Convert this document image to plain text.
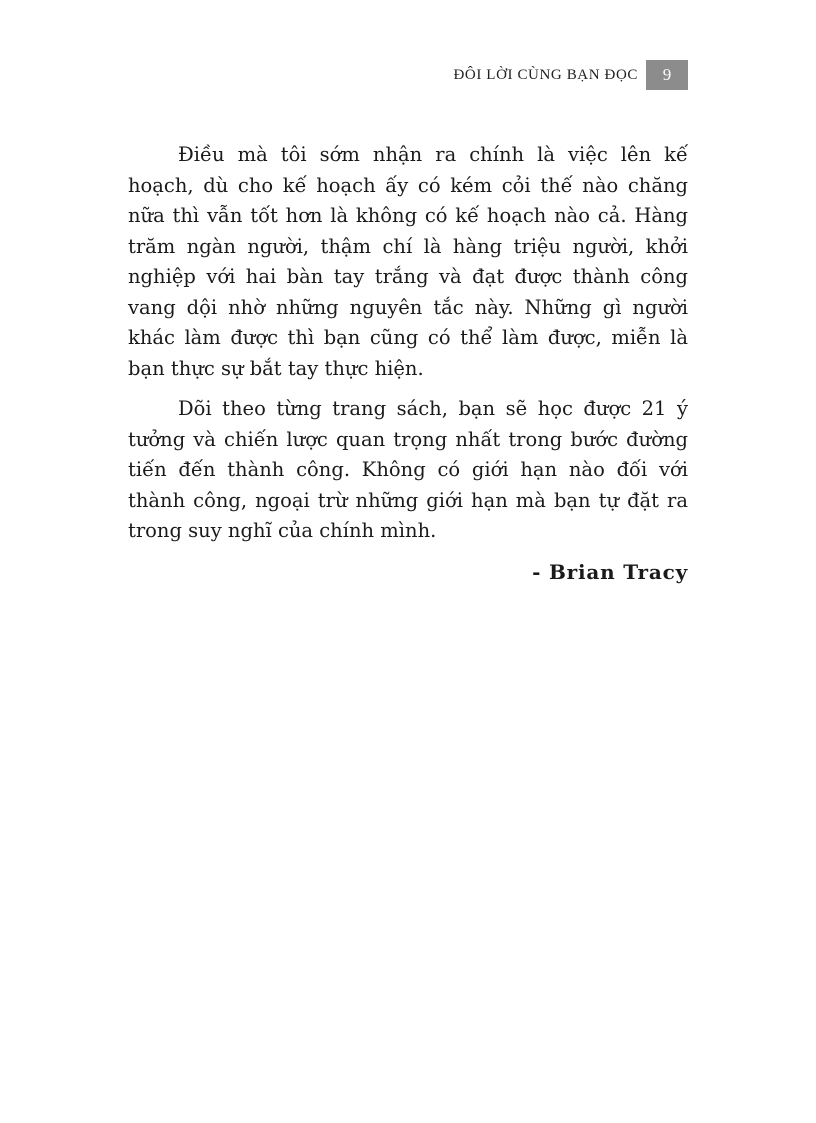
ĐÔI LỜI CÙNG BẠN ĐỌC	9

Điều mà tôi sớm nhận ra chính là việc lên kế hoạch, dù cho kế hoạch ấy có kém cỏi thế nào chăng nữa thì vẫn tốt hơn là không có kế hoạch nào cả. Hàng trăm ngàn người, thậm chí là hàng triệu người, khởi nghiệp với hai bàn tay trắng và đạt được thành công vang dội nhờ những nguyên tắc này. Những gì người khác làm được thì bạn cũng có thể làm được, miễn là bạn thực sự bắt tay thực hiện.

Dõi theo từng trang sách, bạn sẽ học được 21 ý tưởng và chiến lược quan trọng nhất trong bước đường tiến đến thành công. Không có giới hạn nào đối với thành công, ngoại trừ những giới hạn mà bạn tự đặt ra trong suy nghĩ của chính mình.

- Brian Tracy
